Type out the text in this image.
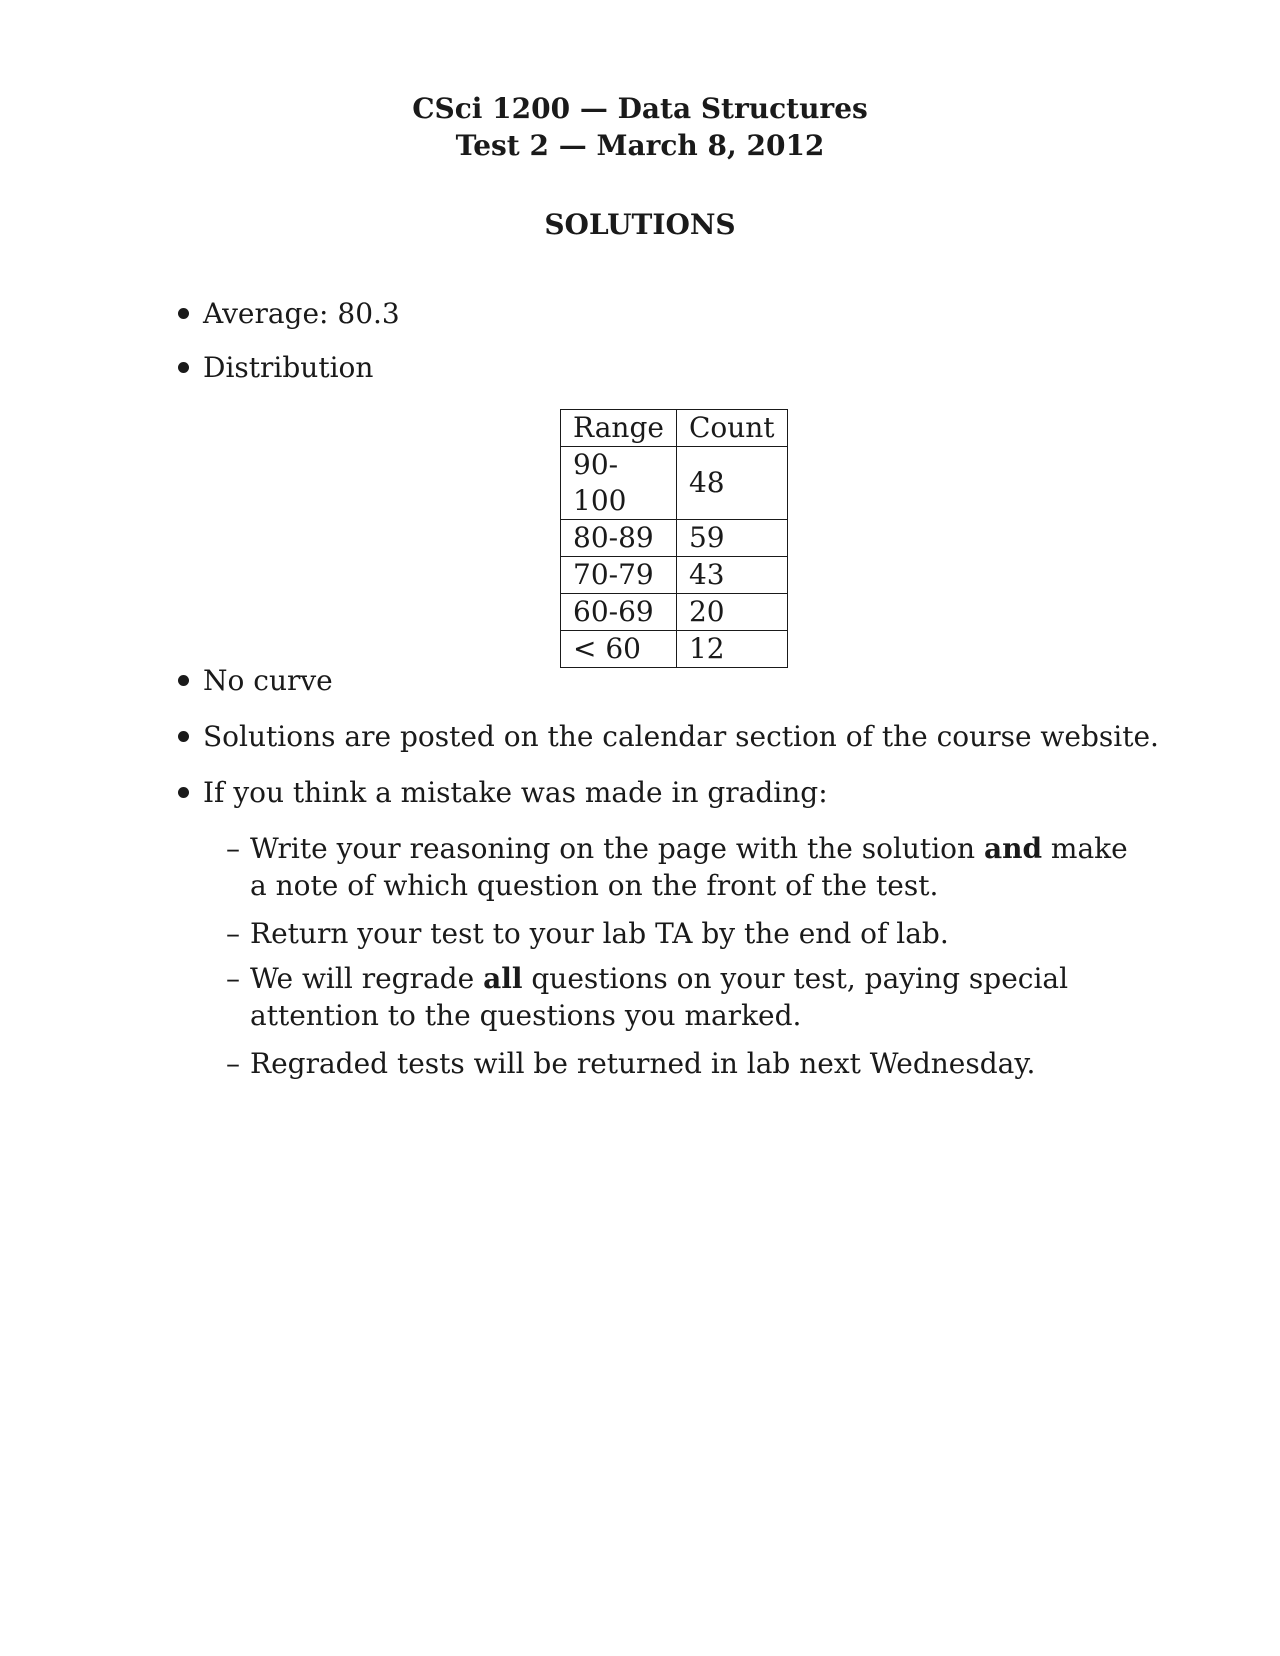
CSci 1200 — Data Structures
Test 2 — March 8, 2012
SOLUTIONS
Average: 80.3
Distribution
Range	Count
90-100	48
80-89	59
70-79	43
60-69	20
< 60	12
No curve
Solutions are posted on the calendar section of the course website.
If you think a mistake was made in grading:
– Write your reasoning on the page with the solution and make a note of which question on the front of the test.
– Return your test to your lab TA by the end of lab.
– We will regrade all questions on your test, paying special attention to the questions you marked.
– Regraded tests will be returned in lab next Wednesday.
